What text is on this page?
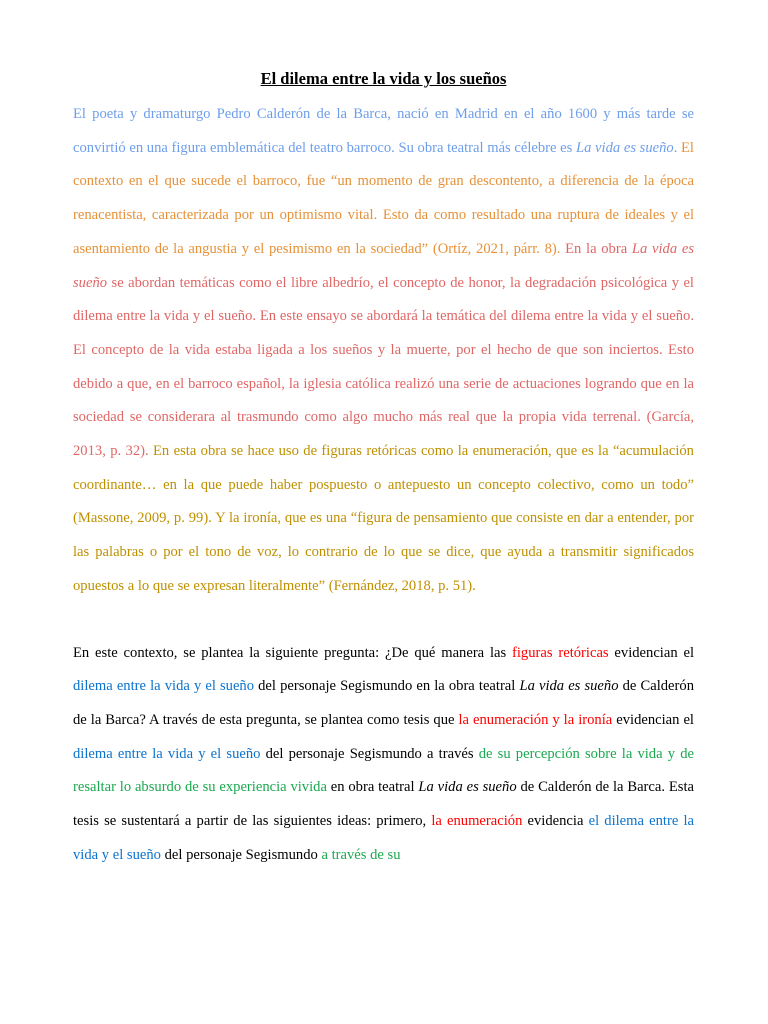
El dilema entre la vida y los sueños

El poeta y dramaturgo Pedro Calderón de la Barca, nació en Madrid en el año 1600 y más tarde se convirtió en una figura emblemática del teatro barroco. Su obra teatral más célebre es La vida es sueño. El contexto en el que sucede el barroco, fue “un momento de gran descontento, a diferencia de la época renacentista, caracterizada por un optimismo vital. Esto da como resultado una ruptura de ideales y el asentamiento de la angustia y el pesimismo en la sociedad” (Ortíz, 2021, párr. 8). En la obra La vida es sueño se abordan temáticas como el libre albedrío, el concepto de honor, la degradación psicológica y el dilema entre la vida y el sueño. En este ensayo se abordará la temática del dilema entre la vida y el sueño. El concepto de la vida estaba ligada a los sueños y la muerte, por el hecho de que son inciertos. Esto debido a que, en el barroco español, la iglesia católica realizó una serie de actuaciones logrando que en la sociedad se considerara al trasmundo como algo mucho más real que la propia vida terrenal. (García, 2013, p. 32). En esta obra se hace uso de figuras retóricas como la enumeración, que es la “acumulación coordinante… en la que puede haber pospuesto o antepuesto un concepto colectivo, como un todo” (Massone, 2009, p. 99). Y la ironía, que es una “figura de pensamiento que consiste en dar a entender, por las palabras o por el tono de voz, lo contrario de lo que se dice, que ayuda a transmitir significados opuestos a lo que se expresan literalmente” (Fernández, 2018, p. 51).

En este contexto, se plantea la siguiente pregunta: ¿De qué manera las figuras retóricas evidencian el dilema entre la vida y el sueño del personaje Segismundo en la obra teatral La vida es sueño de Calderón de la Barca? A través de esta pregunta, se plantea como tesis que la enumeración y la ironía evidencian el dilema entre la vida y el sueño del personaje Segismundo a través de su percepción sobre la vida y de resaltar lo absurdo de su experiencia vivida en obra teatral La vida es sueño de Calderón de la Barca. Esta tesis se sustentará a partir de las siguientes ideas: primero, la enumeración evidencia el dilema entre la vida y el sueño del personaje Segismundo a través de su
